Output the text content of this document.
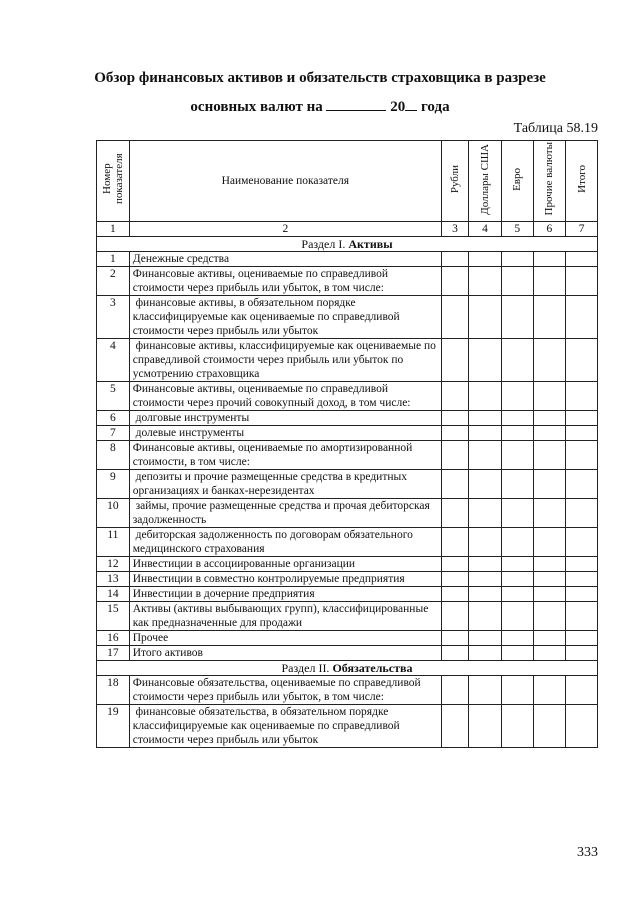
Обзор финансовых активов и обязательств страховщика в разрезе
основных валют на	20 года
Таблица 58.19
Номер показателя	Наименование показателя	Рубли	Доллары США	Евро	Прочие валюты	Итого
1	2	3	4	5	6	7
Раздел I. Активы						
1	Денежные средства					
2	Финансовые активы, оцениваемые по справедливой стоимости через прибыль или убыток, в том числе:					
3	финансовые активы, в обязательном порядке классифицируемые как оцениваемые по справедливой стоимости через прибыль или убыток					
4	финансовые активы, классифицируемые как оцениваемые по справедливой стоимости через прибыль или убыток по усмотрению страховщика					
5	Финансовые активы, оцениваемые по справедливой стоимости через прочий совокупный доход, в том числе:					
6	долговые инструменты					
7	долевые инструменты					
8	Финансовые активы, оцениваемые по амортизированной стоимости, в том числе:					
9	депозиты и прочие размещенные средства в кредитных организациях и банках-нерезидентах					
10	займы, прочие размещенные средства и прочая дебиторская задолженность					
11	дебиторская задолженность по договорам обязательного медицинского страхования					
12	Инвестиции в ассоциированные организации					
13	Инвестиции в совместно контролируемые предприятия					
14	Инвестиции в дочерние предприятия					
15	Активы (активы выбывающих групп), классифицированные как предназначенные для продажи					
16	Прочее					
17	Итого активов					
Раздел II. Обязательства						
18	Финансовые обязательства, оцениваемые по справедливой стоимости через прибыль или убыток, в том числе:					
19	финансовые обязательства, в обязательном порядке классифицируемые как оцениваемые по справедливой стоимости через прибыль или убыток					
333
